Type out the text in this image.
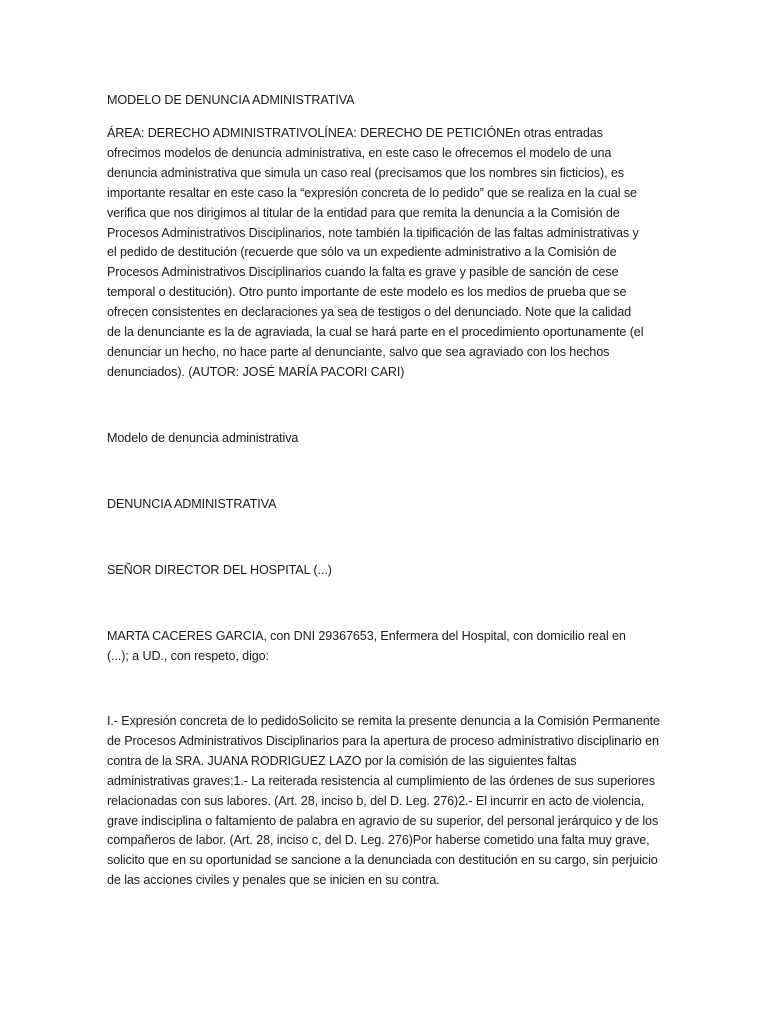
MODELO DE DENUNCIA ADMINISTRATIVA

ÁREA: DERECHO ADMINISTRATIVOLÍNEA: DERECHO DE PETICIÓNEn otras entradas ofrecimos modelos de denuncia administrativa, en este caso le ofrecemos el modelo de una denuncia administrativa que simula un caso real (precisamos que los nombres sin ficticios), es importante resaltar en este caso la “expresión concreta de lo pedido” que se realiza en la cual se verifica que nos dirigimos al titular de la entidad para que remita la denuncia a la Comisión de Procesos Administrativos Disciplinarios, note también la tipificación de las faltas administrativas y el pedido de destitución (recuerde que sólo va un expediente administrativo a la Comisión de Procesos Administrativos Disciplinarios cuando la falta es grave y pasible de sanción de cese temporal o destitución). Otro punto importante de este modelo es los medios de prueba que se ofrecen consistentes en declaraciones ya sea de testigos o del denunciado. Note que la calidad de la denunciante es la de agraviada, la cual se hará parte en el procedimiento oportunamente (el denunciar un hecho, no hace parte al denunciante, salvo que sea agraviado con los hechos denunciados). (AUTOR: JOSÉ MARÍA PACORI CARI)

Modelo de denuncia administrativa

DENUNCIA ADMINISTRATIVA

SEÑOR DIRECTOR DEL HOSPITAL (...)

MARTA CACERES GARCIA, con DNI 29367653, Enfermera del Hospital, con domicilio real en (...); a UD., con respeto, digo:

I.- Expresión concreta de lo pedidoSolicito se remita la presente denuncia a la Comisión Permanente de Procesos Administrativos Disciplinarios para la apertura de proceso administrativo disciplinario en contra de la SRA. JUANA RODRIGUEZ LAZO por la comisión de las siguientes faltas administrativas graves:1.- La reiterada resistencia al cumplimiento de las órdenes de sus superiores relacionadas con sus labores. (Art. 28, inciso b, del D. Leg. 276)2.- El incurrir en acto de violencia, grave indisciplina o faltamiento de palabra en agravio de su superior, del personal jerárquico y de los compañeros de labor. (Art. 28, inciso c, del D. Leg. 276)Por haberse cometido una falta muy grave, solicito que en su oportunidad se sancione a la denunciada con destitución en su cargo, sin perjuicio de las acciones civiles y penales que se inicien en su contra.
